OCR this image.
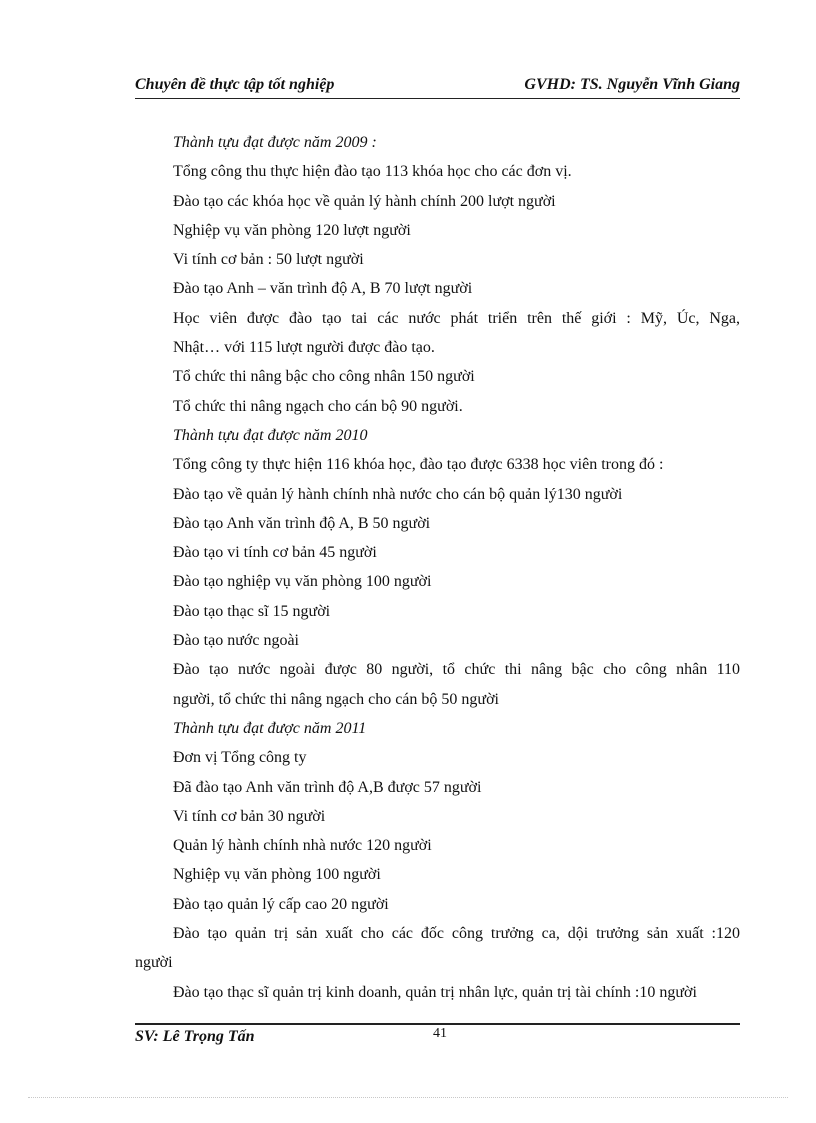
Chuyên đề thực tập tốt nghiệp	GVHD: TS. Nguyễn Vĩnh Giang
Thành tựu đạt được năm 2009 :
Tổng công thu thực hiện đào tạo 113 khóa học cho các đơn vị.
Đào tạo các khóa học về quản lý hành chính 200 lượt người
Nghiệp vụ văn phòng 120 lượt người
Vi tính cơ bản : 50 lượt người
Đào tạo Anh – văn trình độ A, B 70 lượt người
Học viên được đào tạo tai các nước phát triển trên thế giới : Mỹ, Úc, Nga,
Nhật… với 115 lượt người được đào tạo.
Tổ chức thi nâng bậc cho công nhân 150 người
Tổ chức thi nâng ngạch cho cán bộ 90 người.
Thành tựu đạt được năm 2010
Tổng công ty thực hiện 116 khóa học, đào tạo được 6338 học viên trong đó :
Đào tạo về quản lý hành chính nhà nước cho cán bộ quản lý130 người
Đào tạo Anh văn trình độ A, B 50 người
Đào tạo vi tính cơ bản 45 người
Đào tạo nghiệp vụ văn phòng 100 người
Đào tạo thạc sĩ 15 người
Đào tạo nước ngoài
Đào tạo nước ngoài được 80 người, tổ chức thi nâng bậc cho công nhân 110
người, tổ chức thi nâng ngạch cho cán bộ 50 người
Thành tựu đạt được năm 2011
Đơn vị Tổng công ty
Đã đào tạo Anh văn trình độ A,B được 57 người
Vi tính cơ bản 30 người
Quản lý hành chính nhà nước 120 người
Nghiệp vụ văn phòng 100 người
Đào tạo quản lý cấp cao 20 người
Đào tạo quản trị sản xuất cho các đốc công trưởng ca, dội trưởng sản xuất :120
người
Đào tạo thạc sĩ quản trị kinh doanh, quản trị nhân lực, quản trị tài chính :10 người
SV: Lê Trọng Tấn	41
